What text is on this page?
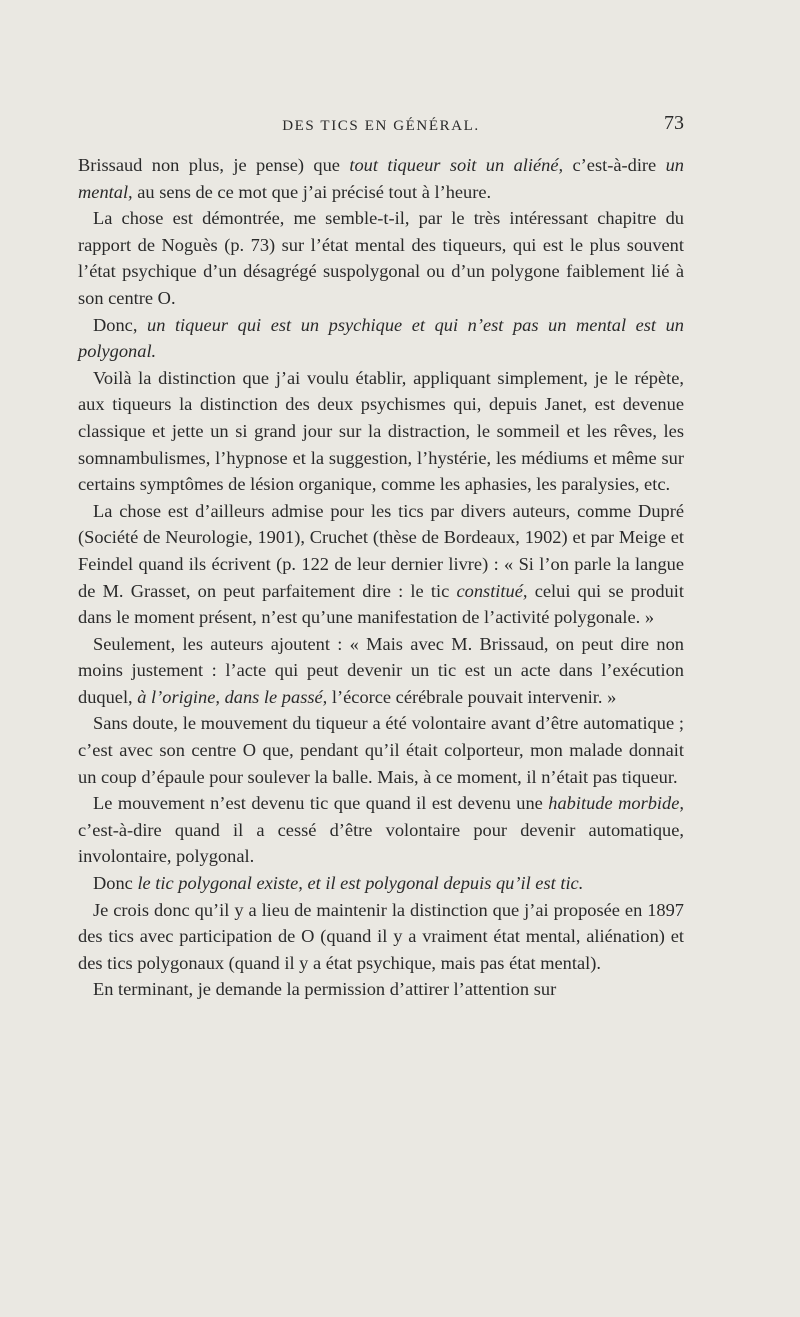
DES TICS EN GÉNÉRAL.	73

Brissaud non plus, je pense) que tout tiqueur soit un aliéné, c’est-à-dire un mental, au sens de ce mot que j’ai précisé tout à l’heure.

La chose est démontrée, me semble-t-il, par le très intéressant chapitre du rapport de Noguès (p. 73) sur l’état mental des tiqueurs, qui est le plus souvent l’état psychique d’un désagrégé suspolygonal ou d’un polygone faiblement lié à son centre O.

Donc, un tiqueur qui est un psychique et qui n’est pas un mental est un polygonal.

Voilà la distinction que j’ai voulu établir, appliquant simplement, je le répète, aux tiqueurs la distinction des deux psychismes qui, depuis Janet, est devenue classique et jette un si grand jour sur la distraction, le sommeil et les rêves, les somnambulismes, l’hypnose et la suggestion, l’hystérie, les médiums et même sur certains symptômes de lésion organique, comme les aphasies, les paralysies, etc.

La chose est d’ailleurs admise pour les tics par divers auteurs, comme Dupré (Société de Neurologie, 1901), Cruchet (thèse de Bordeaux, 1902) et par Meige et Feindel quand ils écrivent (p. 122 de leur dernier livre) : « Si l’on parle la langue de M. Grasset, on peut parfaitement dire : le tic constitué, celui qui se produit dans le moment présent, n’est qu’une manifestation de l’activité polygonale. »

Seulement, les auteurs ajoutent : « Mais avec M. Brissaud, on peut dire non moins justement : l’acte qui peut devenir un tic est un acte dans l’exécution duquel, à l’origine, dans le passé, l’écorce cérébrale pouvait intervenir. »

Sans doute, le mouvement du tiqueur a été volontaire avant d’être automatique ; c’est avec son centre O que, pendant qu’il était colporteur, mon malade donnait un coup d’épaule pour soulever la balle. Mais, à ce moment, il n’était pas tiqueur.

Le mouvement n’est devenu tic que quand il est devenu une habitude morbide, c’est-à-dire quand il a cessé d’être volontaire pour devenir automatique, involontaire, polygonal.

Donc le tic polygonal existe, et il est polygonal depuis qu’il est tic.

Je crois donc qu’il y a lieu de maintenir la distinction que j’ai proposée en 1897 des tics avec participation de O (quand il y a vraiment état mental, aliénation) et des tics polygonaux (quand il y a état psychique, mais pas état mental).

En terminant, je demande la permission d’attirer l’attention sur
